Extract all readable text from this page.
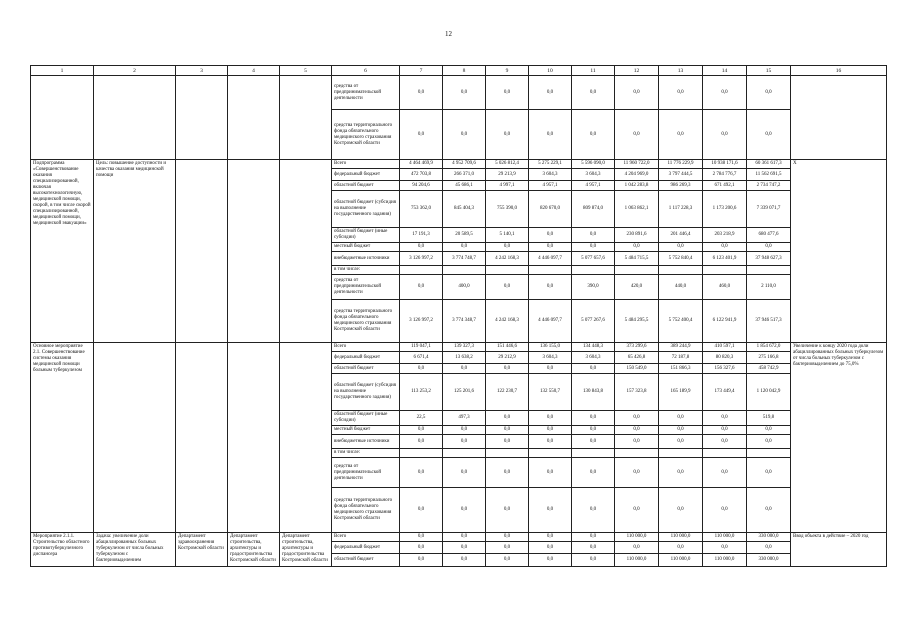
12
1	2	3	4	5	6	7	8	9	10	11	12	13	14	15	16
					средства от предпринимательской деятельности	0,0	0,0	0,0	0,0	0,0	0,0	0,0	0,0	0,0	
					средства территориального фонда обязательного медицинского страхования Костромской области	0,0	0,0	0,0	0,0	0,0	0,0	0,0	0,0	0,0	
Подпрограмма «Совершенствование оказания специализированной, включая высокотехнологичную, медицинской помощи, скорой, в том числе скорой специализированной, медицинской помощи, медицинской эвакуации»	Цель: повышение доступности и качества оказания медицинской помощи				Всего	4 464 469,9	4 952 709,6	5 026 812,4	5 275 229,1	5 596 090,0	11 960 722,0	11 776 229,9	10 938 171,6	60 361 617,3	Х
					федеральный бюджет	472 703,8	266 371,0	29 213,9	3 604,3	3 604,3	4 204 969,0	3 797 444,5	2 784 776,7	11 562 691,5	
					областной бюджет	94 204,6	45 686,1	4 997,1	4 957,1	4 957,1	1 042 283,8	986 269,3	671 492,1	2 734 747,2	
					областной бюджет (субсидия на выполнение государственного задания)	753 362,0	845 404,3	755 390,0	820 670,0	809 874,0	1 063 862,1	1 117 228,3	1 173 200,6	7 339 071,7	
					областной бюджет (иные субсидии)	17 191,3	20 589,5	5 140,1	0,0	0,0	230 891,6	201 446,4	203 218,9	680 477,6	
					местный бюджет	0,0	0,0	0,0	0,0	0,0	0,0	0,0	0,0	0,0	
					внебюджетные источники	3 126 997,2	3 774 748,7	4 242 168,3	4 446 097,7	5 077 657,6	5 484 715,5	5 752 840,4	6 123 401,9	37 948 627,3	
					в том числе:										
					средства от предпринимательской деятельности	0,0	400,0	0,0	0,0	390,0	420,0	440,0	460,0	2 110,0	
					средства территориального фонда обязательного медицинского страхования Костромской области	3 126 997,2	3 774 348,7	4 242 168,3	4 446 097,7	5 077 267,6	5 484 295,5	5 752 400,4	6 122 941,9	37 946 517,3	
Основное мероприятие 2.1. Совершенствование системы оказания медицинской помощи больным туберкулезом					Всего	119 047,1	139 327,3	151 446,6	136 155,0	134 448,3	373 299,6	389 244,9	410 597,1	1 854 672,0	Увеличение к концу 2020 года доли абациллированных больных туберкулезом от числа больных туберкулезом с бактериовыделением до 75,0%
					федеральный бюджет	6 671,4	13 638,2	29 212,9	3 604,3	3 604,3	65 426,8	72 187,8	80 820,3	275 166,8	
					областной бюджет	0,0	0,0	0,0	0,0	0,0	150 549,0	151 866,3	156 327,6	458 742,9	
					областной бюджет (субсидия на выполнение государственного задания)	113 253,2	125 201,6	122 230,7	132 550,7	130 843,8	157 323,8	165 189,9	173 449,4	1 120 042,9	
					областной бюджет (иные субсидии)	22,5	497,3	0,0	0,0	0,0	0,0	0,0	0,0	519,8	
					местный бюджет	0,0	0,0	0,0	0,0	0,0	0,0	0,0	0,0	0,0	
					внебюджетные источники	0,0	0,0	0,0	0,0	0,0	0,0	0,0	0,0	0,0	
					в том числе:										
					средства от предпринимательской деятельности	0,0	0,0	0,0	0,0	0,0	0,0	0,0	0,0	0,0	
					средства территориального фонда обязательного медицинского страхования Костромской области	0,0	0,0	0,0	0,0	0,0	0,0	0,0	0,0	0,0	
Мероприятие 2.1.1. Строительство областного противотуберкулезного диспансера	Задача: увеличение доли абациллированных больных туберкулезом от числа больных туберкулезом с бактериовыделением	Департамент здравоохранения Костромской области	Департамент строительства, архитектуры и градостроительства Костромской области	Департамент строительства, архитектуры и градостроительства Костромской области	Всего	0,0	0,0	0,0	0,0	0,0	110 000,0	110 000,0	110 000,0	330 000,0	Ввод объекта в действие – 2020 год
					федеральный бюджет	0,0	0,0	0,0	0,0	0,0	0,0	0,0	0,0	0,0	
					областной бюджет	0,0	0,0	0,0	0,0	0,0	110 000,0	110 000,0	110 000,0	330 000,0	
